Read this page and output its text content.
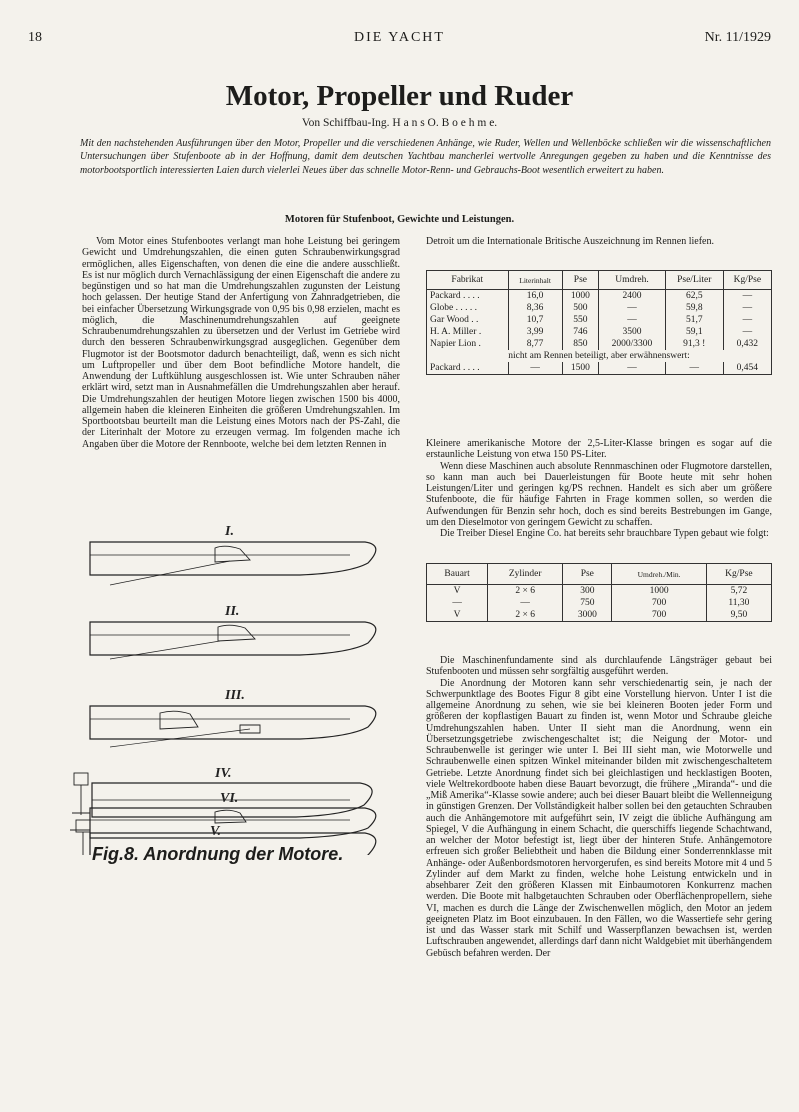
18	DIE YACHT	Nr. 11/1929
Motor, Propeller und Ruder
Von Schiffbau-Ing. H a n s O. B o e h m e.
Mit den nachstehenden Ausführungen über den Motor, Propeller und die verschiedenen Anhänge, wie Ruder, Wellen und Wellenböcke schließen wir die wissenschaftlichen Untersuchungen über Stufenboote ab in der Hoffnung, damit dem deutschen Yachtbau mancherlei wertvolle Anregungen gegeben zu haben und die Kenntnisse des motorbootsportlich interessierten Laien durch vielerlei Neues über das schnelle Motor-Renn- und Gebrauchs-Boot wesentlich erweitert zu haben.
Motoren für Stufenboot, Gewichte und Leistungen.

Vom Motor eines Stufenbootes verlangt man hohe Leistung bei geringem Gewicht und Umdrehungszahlen, die einen guten Schraubenwirkungsgrad ermöglichen, alles Eigenschaften, von denen die eine die andere ausschließt. Es ist nur möglich durch Vernachlässigung der einen Eigenschaft die andere zu begünstigen und so hat man die Umdrehungszahlen zugunsten der Leistung hoch gelassen. Der heutige Stand der Anfertigung von Zahnradgetrieben, die bei einfacher Übersetzung Wirkungsgrade von 0,95 bis 0,98 erzielen, macht es möglich, die Maschinenumdrehungszahlen auf geeignete Schraubenumdrehungszahlen zu übersetzen und der Verlust im Getriebe wird durch den besseren Schraubenwirkungsgrad ausgeglichen. Gegenüber dem Flugmotor ist der Bootsmotor dadurch benachteiligt, daß, wenn es sich nicht um Luftpropeller und über dem Boot befindliche Motore handelt, die Anwendung der Luftkühlung ausgeschlossen ist. Wie unter Schrauben näher erklärt wird, setzt man in Ausnahmefällen die Umdrehungszahlen aber herauf. Die Umdrehungszahlen der heutigen Motore liegen zwischen 1500 bis 4000, allgemein haben die kleineren Einheiten die größeren Umdrehungszahlen. Im Sportbootsbau beurteilt man die Leistung eines Motors nach der PS-Zahl, die der Literinhalt der Motore zu erzeugen vermag. Im folgenden mache ich Angaben über die Motore der Rennboote, welche bei dem letzten Rennen in

Detroit um die Internationale Britische Auszeichnung im Rennen liefen.

Fabrikat	Literinhalt	Pse	Umdreh.	Pse/Liter	Kg/Pse
Packard . . . .	16,0	1000	2400	62,5	—
Globe . . . . .	8,36	500	—	59,8	—
Gar Wood . .	10,7	550	—	51,7	—
H. A. Miller .	3,99	746	3500	59,1	—
Napier Lion .	8,77	850	2000/3300	91,3 !	0,432
nicht am Rennen beteiligt, aber erwähnenswert:					
Packard . . . .	—	1500	—	—	0,454

Kleinere amerikanische Motore der 2,5-Liter-Klasse bringen es sogar auf die erstaunliche Leistung von etwa 150 PS-Liter.

Wenn diese Maschinen auch absolute Rennmaschinen oder Flugmotore darstellen, so kann man auch bei Dauerleistungen für Boote heute mit sehr hohen Leistungen/Liter und geringen kg/PS rechnen. Handelt es sich aber um größere Stufenboote, die für häufige Fahrten in Frage kommen sollen, so werden die Aufwendungen für Benzin sehr hoch, doch es sind bereits Bestrebungen im Gange, um den Dieselmotor von geringem Gewicht zu schaffen.

Die Treiber Diesel Engine Co. hat bereits sehr brauchbare Typen gebaut wie folgt:

Bauart	Zylinder	Pse	Umdreh./Min.	Kg/Pse
V	2 × 6	300	1000	5,72
—	—	750	700	11,30
V	2 × 6	3000	700	9,50

Die Maschinenfundamente sind als durchlaufende Längsträger gebaut bei Stufenbooten und müssen sehr sorgfältig ausgeführt werden.

Die Anordnung der Motoren kann sehr verschiedenartig sein, je nach der Schwerpunktlage des Bootes Figur 8 gibt eine Vorstellung hiervon. Unter I ist die allgemeine Anordnung zu sehen, wie sie bei kleineren Booten jeder Form und größeren der kopflastigen Bauart zu finden ist, wenn Motor und Schraube gleiche Umdrehungszahlen haben. Unter II sieht man die Anordnung, wenn ein Übersetzungsgetriebe zwischengeschaltet ist; die Neigung der Motor- und Schraubenwelle ist geringer wie unter I. Bei III sieht man, wie Motorwelle und Schraubenwelle einen spitzen Winkel miteinander bilden mit zwischengeschaltetem Getriebe. Letzte Anordnung findet sich bei gleichlastigen und hecklastigen Booten, viele Weltrekordboote haben diese Bauart bevorzugt, die frühere „Miranda“- und die „Miß Amerika“-Klasse sowie andere; auch bei dieser Bauart bleibt die Wellenneigung in günstigen Grenzen. Der Vollständigkeit halber sollen bei den getauchten Schrauben auch die Anhängemotore mit aufgeführt sein, IV zeigt die übliche Aufhängung am Spiegel, V die Aufhängung in einem Schacht, die querschiffs liegende Schachtwand, an welcher der Motor befestigt ist, liegt über der hinteren Stufe. Anhängemotore erfreuen sich großer Beliebtheit und haben die Bildung einer Sonderrennklasse mit Anhänge- oder Außenbordsmotoren hervorgerufen, es sind bereits Motore mit 4 und 5 Zylinder auf dem Markt zu finden, welche hohe Leistung entwickeln und in absehbarer Zeit den größeren Klassen mit Einbaumotoren Konkurrenz machen werden. Die Boote mit halbgetauchten Schrauben oder Oberflächenpropellern, siehe VI, machen es durch die Länge der Zwischenwellen möglich, den Motor an jedem geeigneten Platz im Boot einzubauen. In den Fällen, wo die Wassertiefe sehr gering ist und das Wasser stark mit Schilf und Wasserpflanzen bewachsen ist, werden Luftschrauben angewendet, allerdings darf dann nicht Waldgebiet mit überhängendem Gebüsch befahren werden. Der

I.
II.
III.
IV.
V.
Fig.8. Anordnung der Motore.
VI.
